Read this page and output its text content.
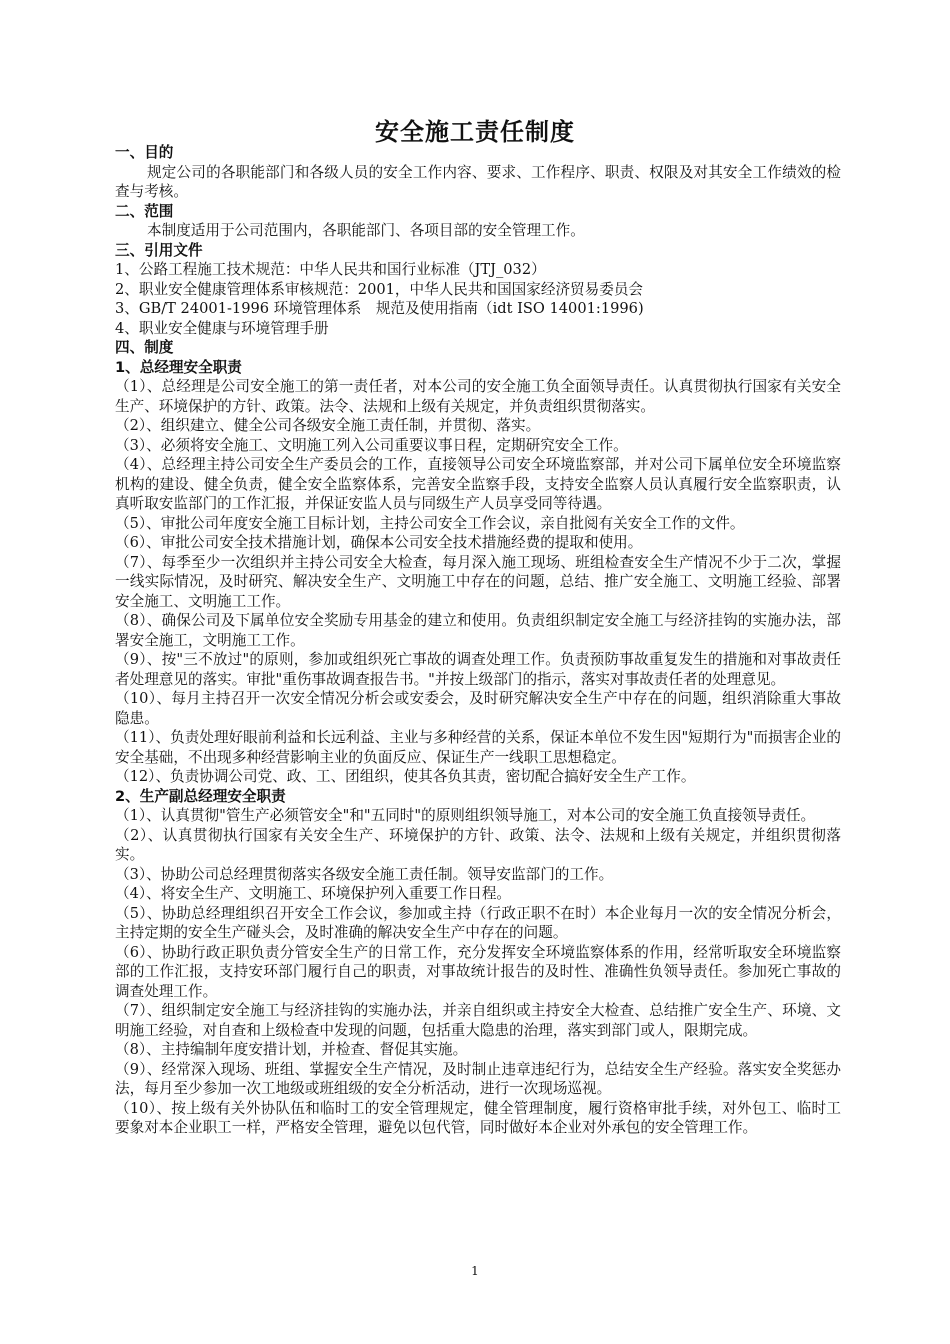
安全施工责任制度

一、目的

规定公司的各职能部门和各级人员的安全工作内容、要求、工作程序、职责、权限及对其安全工作绩效的检查与考核。

二、范围

本制度适用于公司范围内，各职能部门、各项目部的安全管理工作。

三、引用文件

1、公路工程施工技术规范：中华人民共和国行业标准（JTJ_032）

2、职业安全健康管理体系审核规范：2001，中华人民共和国国家经济贸易委员会

3、GB/T 24001-1996 环境管理体系　规范及使用指南（idt ISO 14001:1996)

4、职业安全健康与环境管理手册

四、制度

1、总经理安全职责

（1）、总经理是公司安全施工的第一责任者，对本公司的安全施工负全面领导责任。认真贯彻执行国家有关安全生产、环境保护的方针、政策。法令、法规和上级有关规定，并负责组织贯彻落实。

（2）、组织建立、健全公司各级安全施工责任制，并贯彻、落实。

（3）、必须将安全施工、文明施工列入公司重要议事日程，定期研究安全工作。

（4）、总经理主持公司安全生产委员会的工作，直接领导公司安全环境监察部，并对公司下属单位安全环境监察机构的建设、健全负责，健全安全监察体系，完善安全监察手段，支持安全监察人员认真履行安全监察职责，认真听取安监部门的工作汇报，并保证安监人员与同级生产人员享受同等待遇。

（5）、审批公司年度安全施工目标计划，主持公司安全工作会议，亲自批阅有关安全工作的文件。

（6）、审批公司安全技术措施计划，确保本公司安全技术措施经费的提取和使用。

（7）、每季至少一次组织并主持公司安全大检查，每月深入施工现场、班组检查安全生产情况不少于二次，掌握一线实际情况，及时研究、解决安全生产、文明施工中存在的问题，总结、推广安全施工、文明施工经验、部署安全施工、文明施工工作。

（8）、确保公司及下属单位安全奖励专用基金的建立和使用。负责组织制定安全施工与经济挂钩的实施办法，部署安全施工，文明施工工作。

（9）、按"三不放过"的原则，参加或组织死亡事故的调查处理工作。负责预防事故重复发生的措施和对事故责任者处理意见的落实。审批"重伤事故调查报告书。"并按上级部门的指示，落实对事故责任者的处理意见。

（10）、每月主持召开一次安全情况分析会或安委会，及时研究解决安全生产中存在的问题，组织消除重大事故隐患。

（11）、负责处理好眼前利益和长远利益、主业与多种经营的关系，保证本单位不发生因"短期行为"而损害企业的安全基础，不出现多种经营影响主业的负面反应、保证生产一线职工思想稳定。

（12）、负责协调公司党、政、工、团组织，使其各负其责，密切配合搞好安全生产工作。

2、生产副总经理安全职责

（1）、认真贯彻"管生产必须管安全"和"五同时"的原则组织领导施工，对本公司的安全施工负直接领导责任。

（2）、认真贯彻执行国家有关安全生产、环境保护的方针、政策、法令、法规和上级有关规定，并组织贯彻落实。

（3）、协助公司总经理贯彻落实各级安全施工责任制。领导安监部门的工作。

（4）、将安全生产、文明施工、环境保护列入重要工作日程。

（5）、协助总经理组织召开安全工作会议，参加或主持（行政正职不在时）本企业每月一次的安全情况分析会，主持定期的安全生产碰头会，及时准确的解决安全生产中存在的问题。

（6）、协助行政正职负责分管安全生产的日常工作，充分发挥安全环境监察体系的作用，经常听取安全环境监察部的工作汇报，支持安环部门履行自己的职责，对事故统计报告的及时性、准确性负领导责任。参加死亡事故的调查处理工作。

（7）、组织制定安全施工与经济挂钩的实施办法，并亲自组织或主持安全大检查、总结推广安全生产、环境、文明施工经验，对自查和上级检查中发现的问题，包括重大隐患的治理，落实到部门或人，限期完成。

（8）、主持编制年度安措计划，并检查、督促其实施。

（9）、经常深入现场、班组、掌握安全生产情况，及时制止违章违纪行为，总结安全生产经验。落实安全奖惩办法，每月至少参加一次工地级或班组级的安全分析活动，进行一次现场巡视。

（10）、按上级有关外协队伍和临时工的安全管理规定，健全管理制度，履行资格审批手续，对外包工、临时工要象对本企业职工一样，严格安全管理，避免以包代管，同时做好本企业对外承包的安全管理工作。

1
